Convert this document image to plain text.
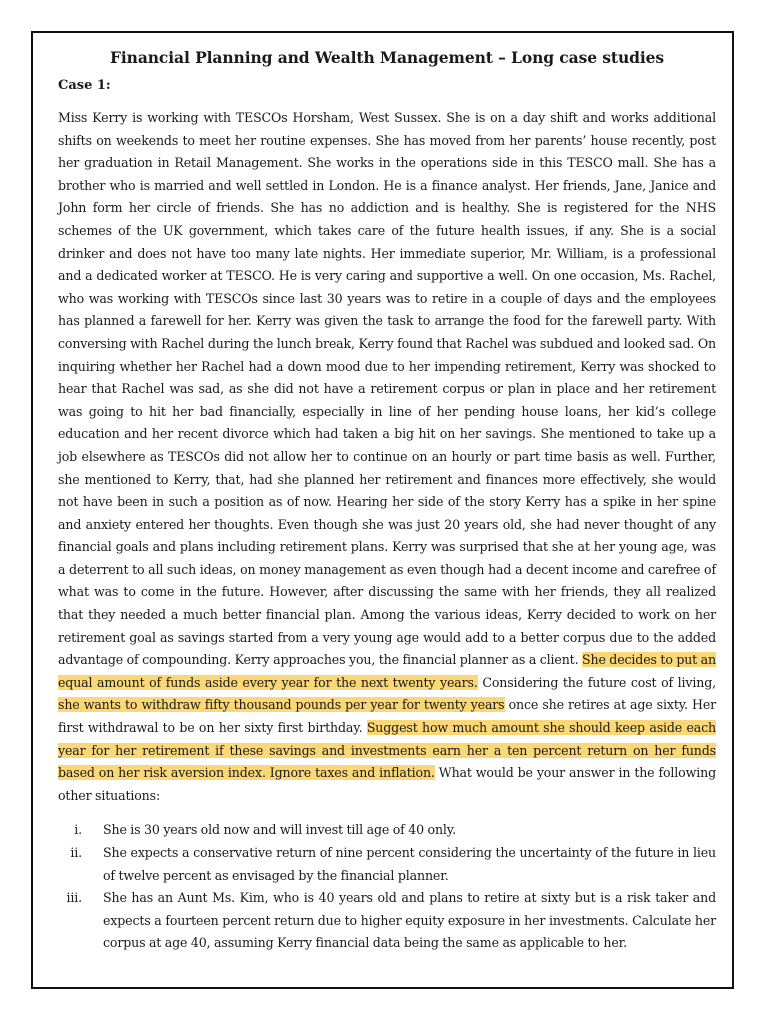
Financial Planning and Wealth Management – Long case studies
Case 1:

Miss Kerry is working with TESCOs Horsham, West Sussex. She is on a day shift and works additional shifts on weekends to meet her routine expenses. She has moved from her parents’ house recently, post her graduation in Retail Management. She works in the operations side in this TESCO mall. She has a brother who is married and well settled in London. He is a finance analyst. Her friends, Jane, Janice and John form her circle of friends. She has no addiction and is healthy. She is registered for the NHS schemes of the UK government, which takes care of the future health issues, if any. She is a social drinker and does not have too many late nights. Her immediate superior, Mr. William, is a professional and a dedicated worker at TESCO. He is very caring and supportive a well. On one occasion, Ms. Rachel, who was working with TESCOs since last 30 years was to retire in a couple of days and the employees has planned a farewell for her. Kerry was given the task to arrange the food for the farewell party. With conversing with Rachel during the lunch break, Kerry found that Rachel was subdued and looked sad. On inquiring whether her Rachel had a down mood due to her impending retirement, Kerry was shocked to hear that Rachel was sad, as she did not have a retirement corpus or plan in place and her retirement was going to hit her bad financially, especially in line of her pending house loans, her kid’s college education and her recent divorce which had taken a big hit on her savings. She mentioned to take up a job elsewhere as TESCOs did not allow her to continue on an hourly or part time basis as well. Further, she mentioned to Kerry, that, had she planned her retirement and finances more effectively, she would not have been in such a position as of now. Hearing her side of the story Kerry has a spike in her spine and anxiety entered her thoughts. Even though she was just 20 years old, she had never thought of any financial goals and plans including retirement plans. Kerry was surprised that she at her young age, was a deterrent to all such ideas, on money management as even though had a decent income and carefree of what was to come in the future. However, after discussing the same with her friends, they all realized that they needed a much better financial plan. Among the various ideas, Kerry decided to work on her retirement goal as savings started from a very young age would add to a better corpus due to the added advantage of compounding. Kerry approaches you, the financial planner as a client. She decides to put an equal amount of funds aside every year for the next twenty years. Considering the future cost of living, she wants to withdraw fifty thousand pounds per year for twenty years once she retires at age sixty. Her first withdrawal to be on her sixty first birthday. Suggest how much amount she should keep aside each year for her retirement if these savings and investments earn her a ten percent return on her funds based on her risk aversion index. Ignore taxes and inflation. What would be your answer in the following other situations:

i. She is 30 years old now and will invest till age of 40 only.
ii. She expects a conservative return of nine percent considering the uncertainty of the future in lieu of twelve percent as envisaged by the financial planner.
iii. She has an Aunt Ms. Kim, who is 40 years old and plans to retire at sixty but is a risk taker and expects a fourteen percent return due to higher equity exposure in her investments. Calculate her corpus at age 40, assuming Kerry financial data being the same as applicable to her.
